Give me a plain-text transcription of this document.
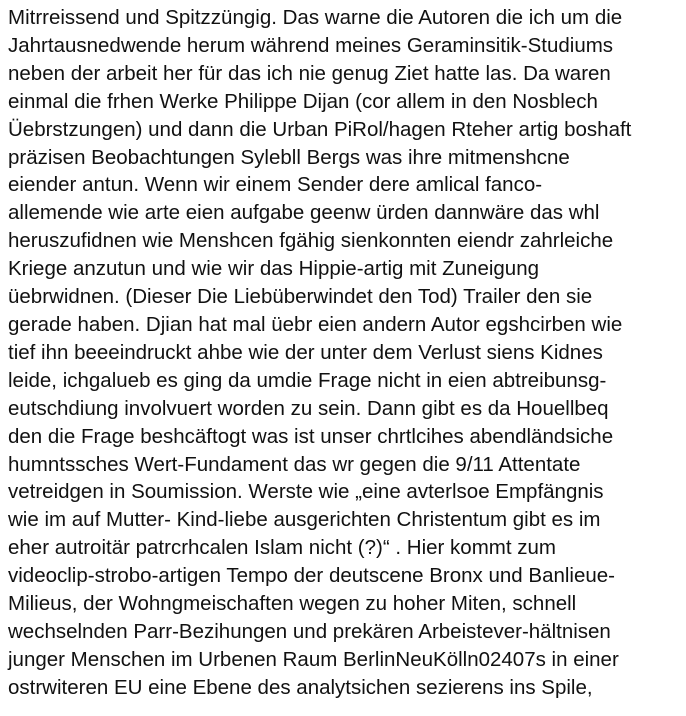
Mitrreissend und Spitzzüngig. Das warne die Autoren die ich um die
Jahrtausnedwende herum während meines Geraminsitik-Studiums
neben der arbeit her für das ich nie genug Ziet hatte las. Da waren
einmal die frhen Werke Philippe Dijan (cor allem in den Nosblech
Üebrstzungen) und dann die Urban PiRol/hagen Rteher artig boshaft
präzisen Beobachtungen Sylebll Bergs was ihre mitmenshcne
eiender antun. Wenn wir einem Sender dere amlical fanco-
allemende wie arte eien aufgabe geenw ürden dannwäre das whl
heruszufidnen wie Menshcen fgähig sienkonnten eiendr zahrleiche
Kriege anzutun und wie wir das Hippie-artig mit Zuneigung
üebrwidnen. (Dieser Die Liebüberwindet den Tod) Trailer den sie
gerade haben. Djian hat mal üebr eien andern Autor egshcirben wie
tief ihn beeeindruckt ahbe wie der unter dem Verlust siens Kidnes
leide, ichgalueb es ging da umdie Frage nicht in eien abtreibunsg-
eutschdiung involvuert worden zu sein. Dann gibt es da Houellbeq
den die Frage beshcäftogt was ist unser chrtlcihes abendländsiche
humntssches Wert-Fundament das wr gegen die 9/11 Attentate
vetreidgen in Soumission. Werste wie „eine avterlsoe Empfängnis
wie im auf Mutter- Kind-liebe ausgerichten Christentum gibt es im
eher autroitär patrcrhcalen Islam nicht (?)“ . Hier kommt zum
videoclip-strobo-artigen Tempo der deutscene Bronx und Banlieue-
Milieus, der Wohngmeischaften wegen zu hoher Miten, schnell
wechselnden Parr-Bezihungen und prekären Arbeistever-hältnisen
junger Menschen im Urbenen Raum BerlinNeuKölln02407s in einer
ostrwiteren EU eine Ebene des analytsichen sezierens ins Spile,
